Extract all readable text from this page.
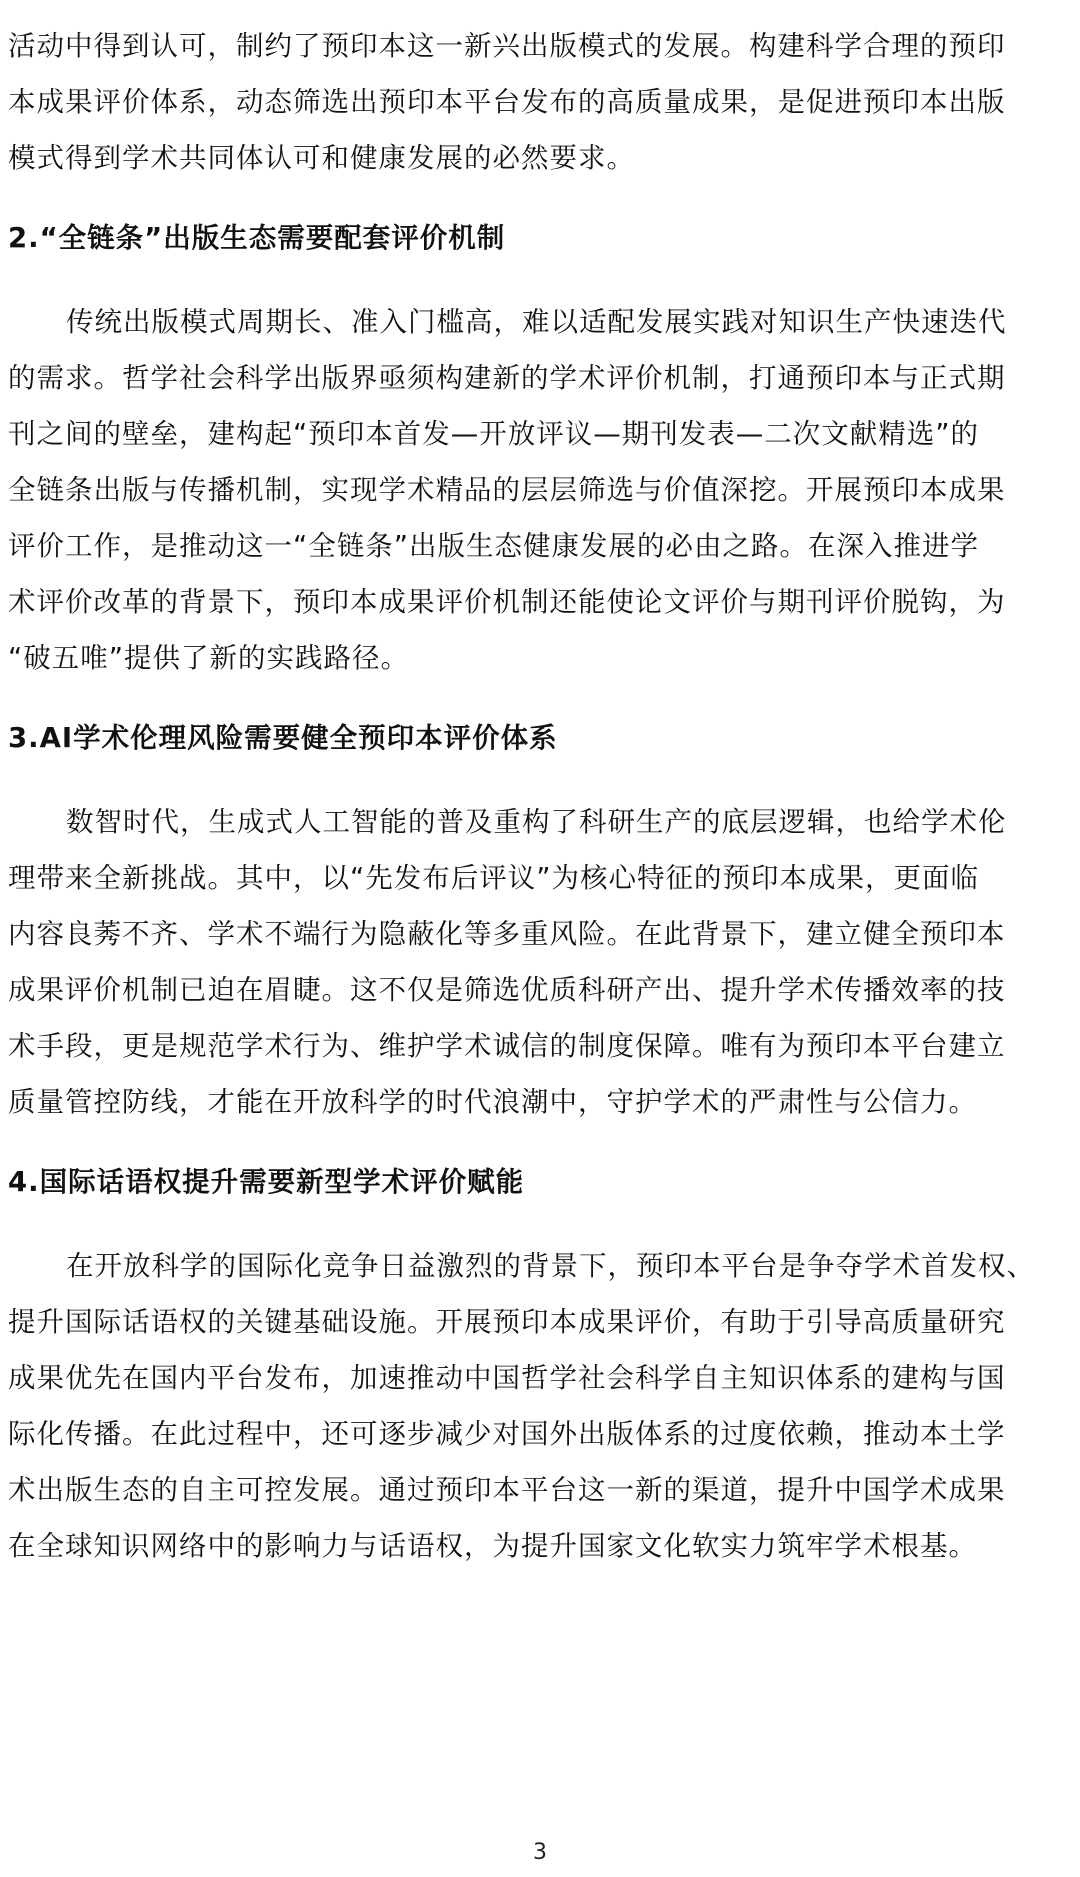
活动中得到认可，制约了预印本这一新兴出版模式的发展。构建科学合理的预印
本成果评价体系，动态筛选出预印本平台发布的高质量成果，是促进预印本出版
模式得到学术共同体认可和健康发展的必然要求。

2.“全链条”出版生态需要配套评价机制

传统出版模式周期长、准入门槛高，难以适配发展实践对知识生产快速迭代
的需求。哲学社会科学出版界亟须构建新的学术评价机制，打通预印本与正式期
刊之间的壁垒，建构起“预印本首发—开放评议—期刊发表—二次文献精选”的
全链条出版与传播机制，实现学术精品的层层筛选与价值深挖。开展预印本成果
评价工作，是推动这一“全链条”出版生态健康发展的必由之路。在深入推进学
术评价改革的背景下，预印本成果评价机制还能使论文评价与期刊评价脱钩，为
“破五唯”提供了新的实践路径。

3.AI学术伦理风险需要健全预印本评价体系

数智时代，生成式人工智能的普及重构了科研生产的底层逻辑，也给学术伦
理带来全新挑战。其中，以“先发布后评议”为核心特征的预印本成果，更面临
内容良莠不齐、学术不端行为隐蔽化等多重风险。在此背景下，建立健全预印本
成果评价机制已迫在眉睫。这不仅是筛选优质科研产出、提升学术传播效率的技
术手段，更是规范学术行为、维护学术诚信的制度保障。唯有为预印本平台建立
质量管控防线，才能在开放科学的时代浪潮中，守护学术的严肃性与公信力。

4.国际话语权提升需要新型学术评价赋能

在开放科学的国际化竞争日益激烈的背景下，预印本平台是争夺学术首发权、
提升国际话语权的关键基础设施。开展预印本成果评价，有助于引导高质量研究
成果优先在国内平台发布，加速推动中国哲学社会科学自主知识体系的建构与国
际化传播。在此过程中，还可逐步减少对国外出版体系的过度依赖，推动本土学
术出版生态的自主可控发展。通过预印本平台这一新的渠道，提升中国学术成果
在全球知识网络中的影响力与话语权，为提升国家文化软实力筑牢学术根基。

3
